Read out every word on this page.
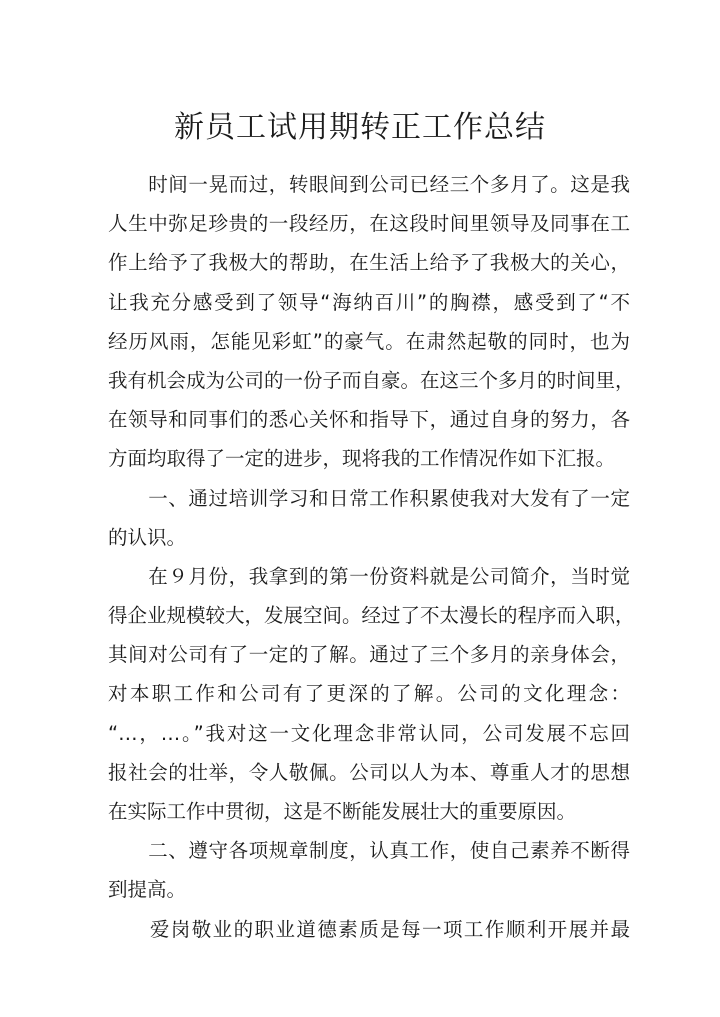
新员工试用期转正工作总结
　　时间一晃而过，转眼间到公司已经三个多月了。这是我
人生中弥足珍贵的一段经历，在这段时间里领导及同事在工
作上给予了我极大的帮助，在生活上给予了我极大的关心，
让我充分感受到了领导“海纳百川”的胸襟，感受到了“不
经历风雨，怎能见彩虹”的豪气。在肃然起敬的同时，也为
我有机会成为公司的一份子而自豪。在这三个多月的时间里，
在领导和同事们的悉心关怀和指导下，通过自身的努力，各
方面均取得了一定的进步，现将我的工作情况作如下汇报。
　　一、通过培训学习和日常工作积累使我对大发有了一定
的认识。
　　在９月份，我拿到的第一份资料就是公司简介，当时觉
得企业规模较大，发展空间。经过了不太漫长的程序而入职，
其间对公司有了一定的了解。通过了三个多月的亲身体会，
对本职工作和公司有了更深的了解。公司的文化理念：
“…，…。”我对这一文化理念非常认同，公司发展不忘回
报社会的壮举，令人敬佩。公司以人为本、尊重人才的思想
在实际工作中贯彻，这是不断能发展壮大的重要原因。
　　二、遵守各项规章制度，认真工作，使自己素养不断得
到提高。
　　爱岗敬业的职业道德素质是每一项工作顺利开展并最
